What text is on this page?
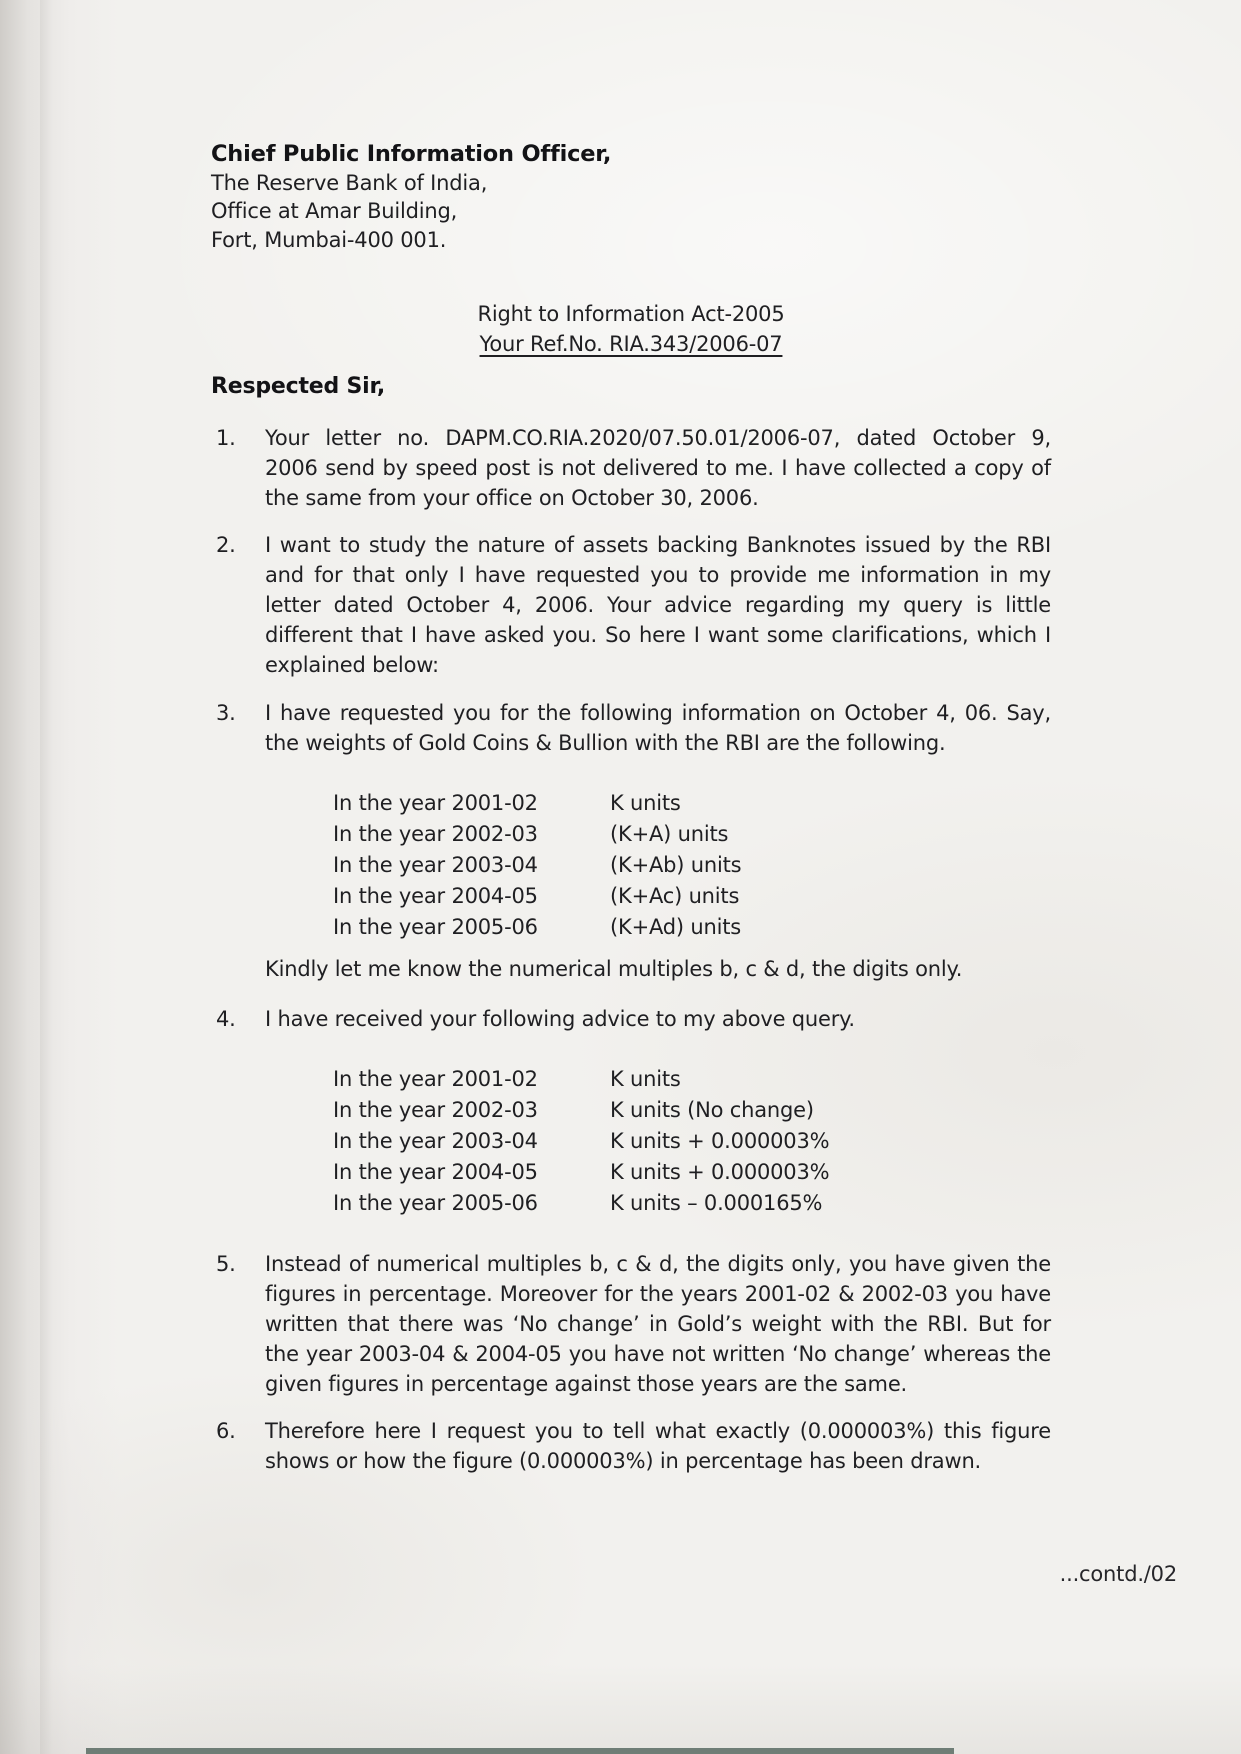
Chief Public Information Officer,
The Reserve Bank of India,
Office at Amar Building,
Fort, Mumbai-400 001.
Right to Information Act-2005
Your Ref.No. RIA.343/2006-07
Respected Sir,
1.	Your letter no. DAPM.CO.RIA.2020/07.50.01/2006-07, dated October 9, 2006 send by speed post is not delivered to me. I have collected a copy of the same from your office on October 30, 2006.
2.	I want to study the nature of assets backing Banknotes issued by the RBI and for that only I have requested you to provide me information in my letter dated October 4, 2006. Your advice regarding my query is little different that I have asked you. So here I want some clarifications, which I explained below:
3.	I have requested you for the following information on October 4, 06. Say, the weights of Gold Coins & Bullion with the RBI are the following.
In the year 2001-02	K units
In the year 2002-03	(K+A) units
In the year 2003-04	(K+Ab) units
In the year 2004-05	(K+Ac) units
In the year 2005-06	(K+Ad) units
Kindly let me know the numerical multiples b, c & d, the digits only.
4.	I have received your following advice to my above query.
In the year 2001-02	K units
In the year 2002-03	K units (No change)
In the year 2003-04	K units + 0.000003%
In the year 2004-05	K units + 0.000003%
In the year 2005-06	K units – 0.000165%
5.	Instead of numerical multiples b, c & d, the digits only, you have given the figures in percentage. Moreover for the years 2001-02 & 2002-03 you have written that there was ‘No change’ in Gold’s weight with the RBI. But for the year 2003-04 & 2004-05 you have not written ‘No change’ whereas the given figures in percentage against those years are the same.
6.	Therefore here I request you to tell what exactly (0.000003%) this figure shows or how the figure (0.000003%) in percentage has been drawn.
...contd./02
